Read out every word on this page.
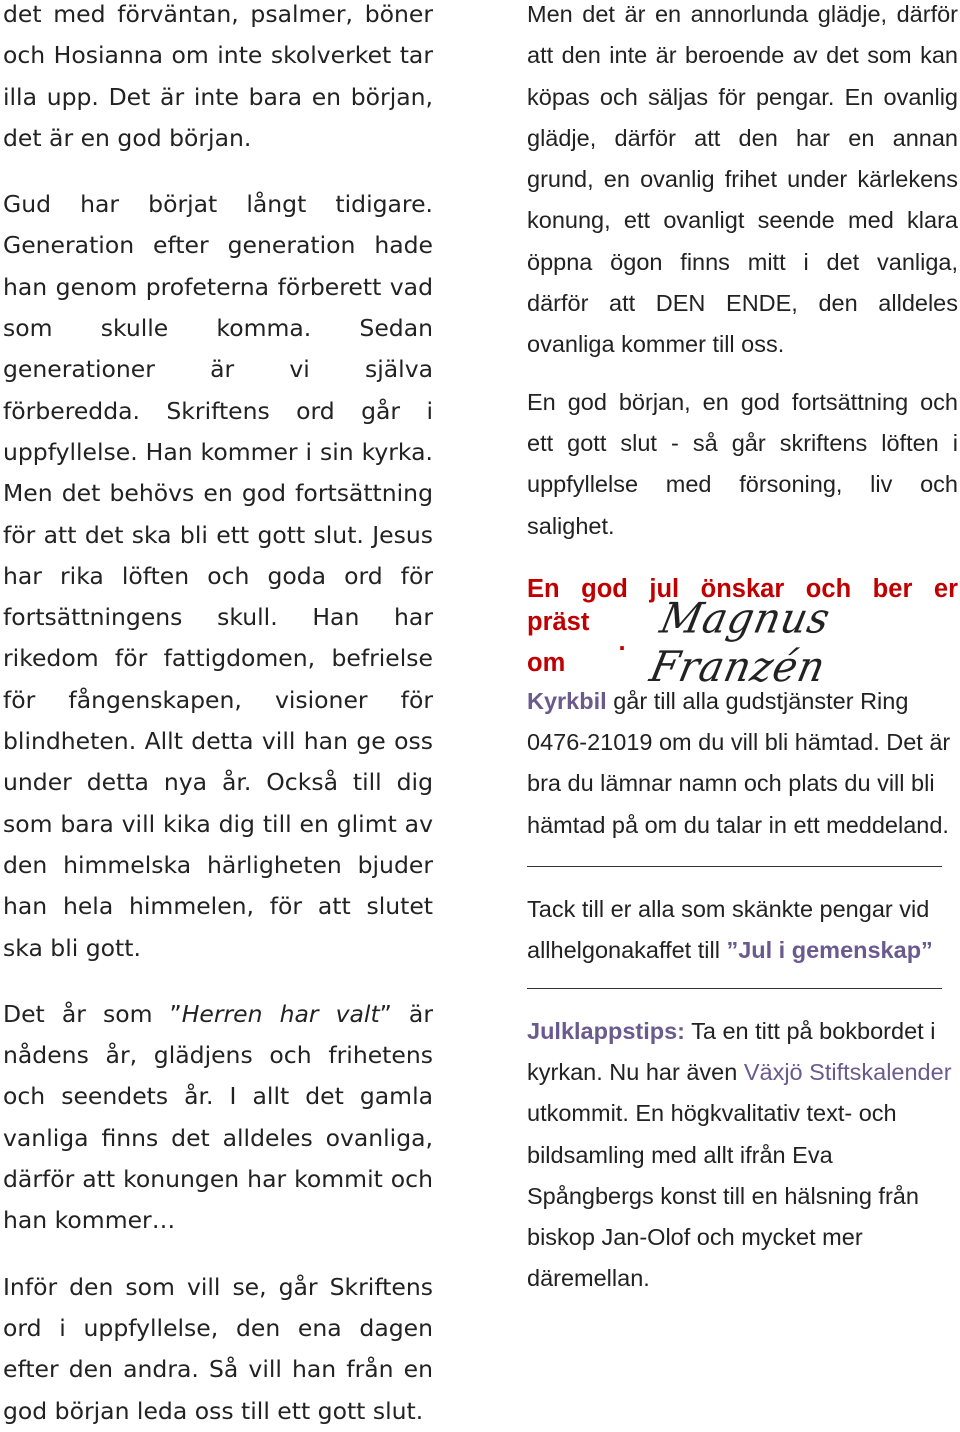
det med förväntan, psalmer, böner och Hosianna om inte skolverket tar illa upp. Det är inte bara en början, det är en god början.

Gud har börjat långt tidigare. Generation efter generation hade han genom profeterna förberett vad som skulle komma. Sedan generationer är vi själva förberedda. Skriftens ord går i uppfyllelse. Han kommer i sin kyrka. Men det behövs en god fortsättning för att det ska bli ett gott slut. Jesus har rika löften och goda ord för fortsättningens skull. Han har rikedom för fattigdomen, befrielse för fångenskapen, visioner för blindheten. Allt detta vill han ge oss under detta nya år. Också till dig som bara vill kika dig till en glimt av den himmelska härligheten bjuder han hela himmelen, för att slutet ska bli gott.

Det år som ”Herren har valt” är nådens år, glädjens och frihetens och seendets år. I allt det gamla vanliga finns det alldeles ovanliga, därför att konungen har kommit och han kommer…

Inför den som vill se, går Skriftens ord i uppfyllelse, den ena dagen efter den andra. Så vill han från en god början leda oss till ett gott slut.

Men det är en annorlunda glädje, därför att den inte är beroende av det som kan köpas och säljas för pengar. En ovanlig glädje, därför att den har en annan grund, en ovanlig frihet under kärlekens konung, ett ovanligt seende med klara öppna ögon finns mitt i det vanliga, därför att DEN ENDE, den alldeles ovanliga kommer till oss.

En god början, en god fortsättning och ett gott slut - så går skriftens löften i uppfyllelse med försoning, liv och salighet.

En god jul önskar och ber er
präst om
. Magnus Franzén

Kyrkbil går till alla gudstjänster Ring 0476-21019 om du vill bli hämtad. Det är bra du lämnar namn och plats du vill bli hämtad på om du talar in ett meddeland.

Tack till er alla som skänkte pengar vid allhelgonakaffet till ”Jul i gemenskap”

Julklappstips: Ta en titt på bokbordet i kyrkan. Nu har även Växjö Stiftskalender utkommit. En högkvalitativ text- och bildsamling med allt ifrån Eva Spångbergs konst till en hälsning från biskop Jan-Olof och mycket mer däremellan.
